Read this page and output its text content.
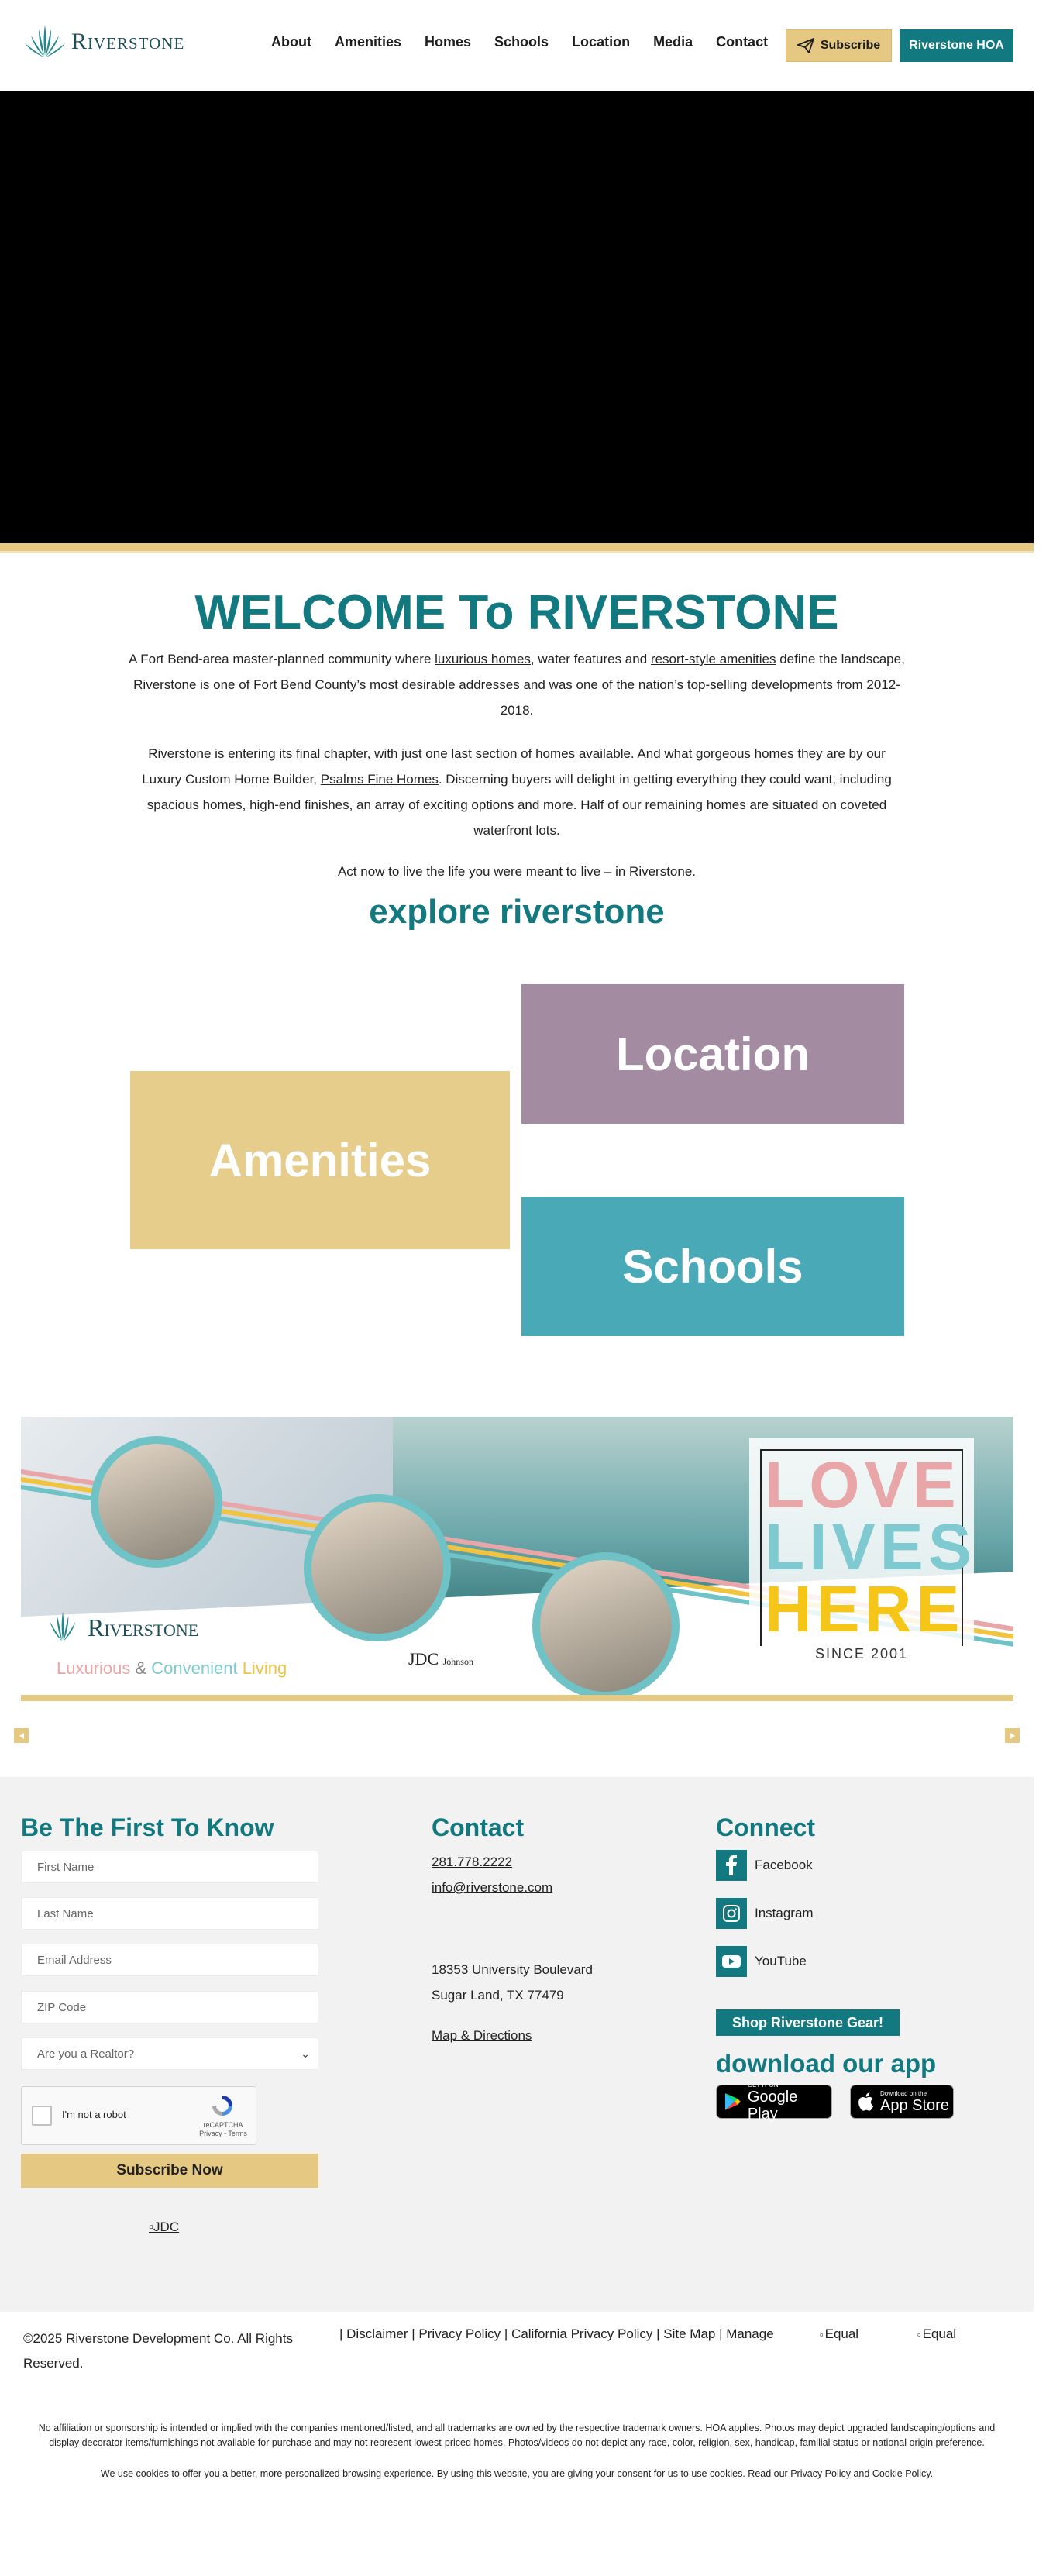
Riverstone	About Amenities Homes Schools Location Media Contact	Subscribe	Riverstone HOA
WELCOME To RIVERSTONE

A Fort Bend-area master-planned community where luxurious homes, water features and resort-style amenities define the landscape, Riverstone is one of Fort Bend County’s most desirable addresses and was one of the nation’s top-selling developments from 2012-2018.

Riverstone is entering its final chapter, with just one last section of homes available. And what gorgeous homes they are by our Luxury Custom Home Builder, Psalms Fine Homes. Discerning buyers will delight in getting everything they could want, including spacious homes, high-end finishes, an array of exciting options and more. Half of our remaining homes are situated on coveted waterfront lots.

Act now to live the life you were meant to live – in Riverstone.

explore riverstone
Location
Amenities
Schools
LOVE
LIVES
HERE
SINCE 2001
Riverstone
Luxurious & Convenient Living	JDC Johnson
Be The First To Know
First Name
Last Name
Email Address
ZIP Code
Are you a Realtor?	⌄
I'm not a robot
reCAPTCHA
Privacy - Terms
Subscribe Now
▫JDC
Contact
281.778.2222
info@riverstone.com
18353 University Boulevard
Sugar Land, TX 77479
Map & Directions
Connect
Facebook
Instagram
YouTube
Shop Riverstone Gear!
download our app
GET IT ON
Google Play
Download on the
App Store
©2025 Riverstone Development Co. All Rights Reserved.
| Disclaimer | Privacy Policy | California Privacy Policy | Site Map | Manage	▫ Equal	▫ Equal

No affiliation or sponsorship is intended or implied with the companies mentioned/listed, and all trademarks are owned by the respective trademark owners. HOA applies. Photos may depict upgraded landscaping/options and display decorator items/furnishings not available for purchase and may not represent lowest-priced homes. Photos/videos do not depict any race, color, religion, sex, handicap, familial status or national origin preference.

We use cookies to offer you a better, more personalized browsing experience. By using this website, you are giving your consent for us to use cookies. Read our Privacy Policy and Cookie Policy.
